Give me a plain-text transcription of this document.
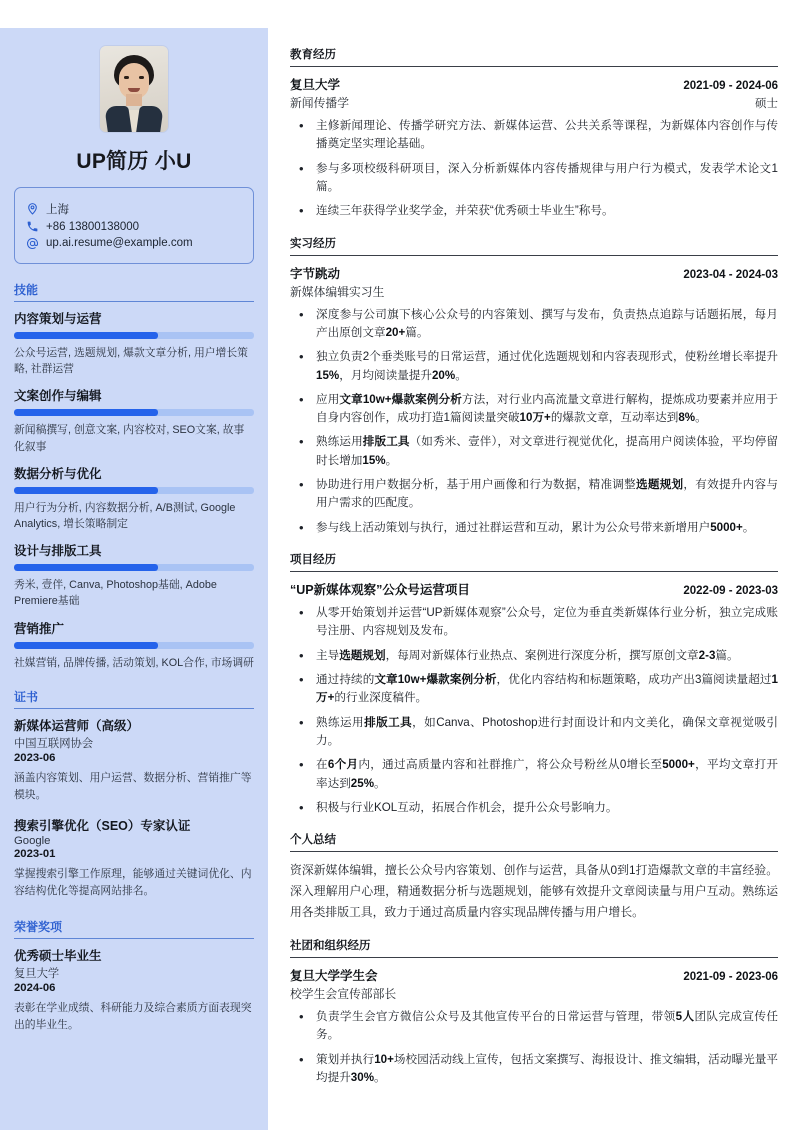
UP简历 小U
上海
+86 13800138000
up.ai.resume@example.com
技能
内容策划与运营
公众号运营, 选题规划, 爆款文章分析, 用户增长策略, 社群运营
文案创作与编辑
新闻稿撰写, 创意文案, 内容校对, SEO文案, 故事化叙事
数据分析与优化
用户行为分析, 内容数据分析, A/B测试, Google Analytics, 增长策略制定
设计与排版工具
秀米, 壹伴, Canva, Photoshop基础, Adobe Premiere基础
营销推广
社媒营销, 品牌传播, 活动策划, KOL合作, 市场调研
证书
新媒体运营师（高级）
中国互联网协会
2023-06
涵盖内容策划、用户运营、数据分析、营销推广等模块。
搜索引擎优化（SEO）专家认证
Google
2023-01
掌握搜索引擎工作原理，能够通过关键词优化、内容结构优化等提高网站排名。
荣誉奖项
优秀硕士毕业生
复旦大学
2024-06
表彰在学业成绩、科研能力及综合素质方面表现突出的毕业生。
教育经历
复旦大学	2021-09 - 2024-06
新闻传播学	硕士
• 主修新闻理论、传播学研究方法、新媒体运营、公共关系等课程，为新媒体内容创作与传播奠定坚实理论基础。
• 参与多项校级科研项目，深入分析新媒体内容传播规律与用户行为模式，发表学术论文1篇。
• 连续三年获得学业奖学金，并荣获“优秀硕士毕业生”称号。
实习经历
字节跳动	2023-04 - 2024-03
新媒体编辑实习生
• 深度参与公司旗下核心公众号的内容策划、撰写与发布，负责热点追踪与话题拓展，每月产出原创文章20+篇。
• 独立负责2个垂类账号的日常运营，通过优化选题规划和内容表现形式，使粉丝增长率提升15%，月均阅读量提升20%。
• 应用文章10w+爆款案例分析方法，对行业内高流量文章进行解构，提炼成功要素并应用于自身内容创作，成功打造1篇阅读量突破10万+的爆款文章，互动率达到8%。
• 熟练运用排版工具（如秀米、壹伴），对文章进行视觉优化，提高用户阅读体验，平均停留时长增加15%。
• 协助进行用户数据分析，基于用户画像和行为数据，精准调整选题规划，有效提升内容与用户需求的匹配度。
• 参与线上活动策划与执行，通过社群运营和互动，累计为公众号带来新增用户5000+。
项目经历
“UP新媒体观察”公众号运营项目	2022-09 - 2023-03
• 从零开始策划并运营“UP新媒体观察”公众号，定位为垂直类新媒体行业分析，独立完成账号注册、内容规划及发布。
• 主导选题规划，每周对新媒体行业热点、案例进行深度分析，撰写原创文章2-3篇。
• 通过持续的文章10w+爆款案例分析，优化内容结构和标题策略，成功产出3篇阅读量超过1万+的行业深度稿件。
• 熟练运用排版工具，如Canva、Photoshop进行封面设计和内文美化，确保文章视觉吸引力。
• 在6个月内，通过高质量内容和社群推广，将公众号粉丝从0增长至5000+，平均文章打开率达到25%。
• 积极与行业KOL互动，拓展合作机会，提升公众号影响力。
个人总结

资深新媒体编辑，擅长公众号内容策划、创作与运营，具备从0到1打造爆款文章的丰富经验。深入理解用户心理，精通数据分析与选题规划，能够有效提升文章阅读量与用户互动。熟练运用各类排版工具，致力于通过高质量内容实现品牌传播与用户增长。

社团和组织经历
复旦大学学生会	2021-09 - 2023-06
校学生会宣传部部长
• 负责学生会官方微信公众号及其他宣传平台的日常运营与管理，带领5人团队完成宣传任务。
• 策划并执行10+场校园活动线上宣传，包括文案撰写、海报设计、推文编辑，活动曝光量平均提升30%。
